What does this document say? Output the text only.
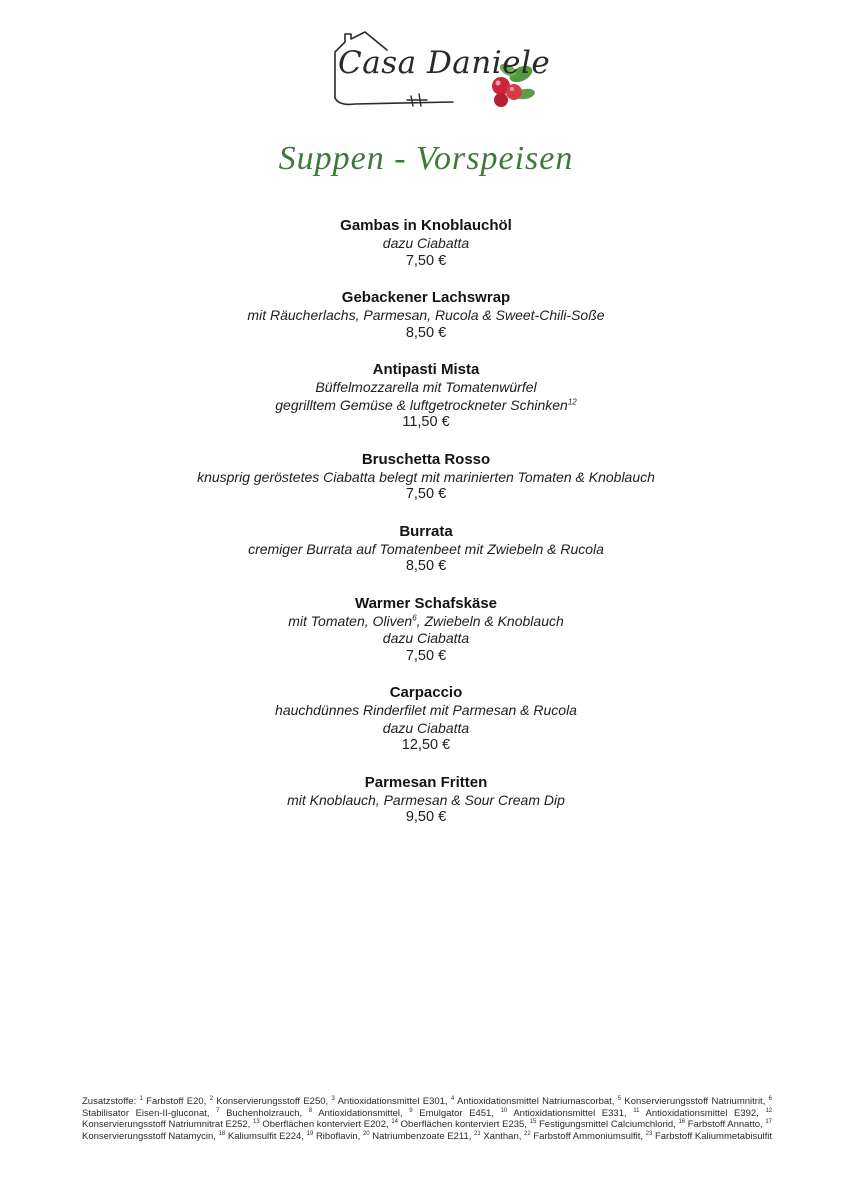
Casa Daniele
Suppen - Vorspeisen
Gambas in Knoblauchöl
dazu Ciabatta
7,50 €
Gebackener Lachswrap
mit Räucherlachs, Parmesan, Rucola & Sweet-Chili-Soße
8,50 €
Antipasti Mista
Büffelmozzarella mit Tomatenwürfel
gegrilltem Gemüse & luftgetrockneter Schinken$^{12}$
11,50 €
Bruschetta Rosso
knusprig geröstetes Ciabatta belegt mit marinierten Tomaten & Knoblauch
7,50 €
Burrata
cremiger Burrata auf Tomatenbeet mit Zwiebeln & Rucola
8,50 €
Warmer Schafskäse
mit Tomaten, Oliven$^6$, Zwiebeln & Knoblauch
dazu Ciabatta
7,50 €
Carpaccio
hauchdünnes Rinderfilet mit Parmesan & Rucola
dazu Ciabatta
12,50 €
Parmesan Fritten
mit Knoblauch, Parmesan & Sour Cream Dip
9,50 €
Zusatzstoffe: $^1$ Farbstoff E20, $^2$ Konservierungsstoff E250, $^3$ Antioxidationsmittel E301, $^4$ Antioxidationsmittel Natriumascorbat, $^5$ Konservierungsstoff Natriumnitrit, $^6$ Stabilisator Eisen-II-gluconat, $^7$ Buchenholzrauch, $^8$ Antioxidationsmittel, $^9$ Emulgator E451, $^{10}$ Antioxidationsmittel E331, $^{11}$ Antioxidationsmittel E392, $^{12}$ Konservierungsstoff Natriumnitrat E252, $^{13}$ Oberflächen konterviert E202, $^{14}$ Oberflächen konterviert E235, $^{15}$ Festigungsmittel Calciumchlorid, $^{16}$ Farbstoff Annatto, $^{17}$ Konservierungsstoff Natamycin, $^{18}$ Kaliumsulfit E224, $^{19}$ Riboflavin, $^{20}$ Natriumbenzoate E211, $^{21}$ Xanthan, $^{22}$ Farbstoff Ammoniumsulfit, $^{23}$ Farbstoff Kaliummetabisulfit
